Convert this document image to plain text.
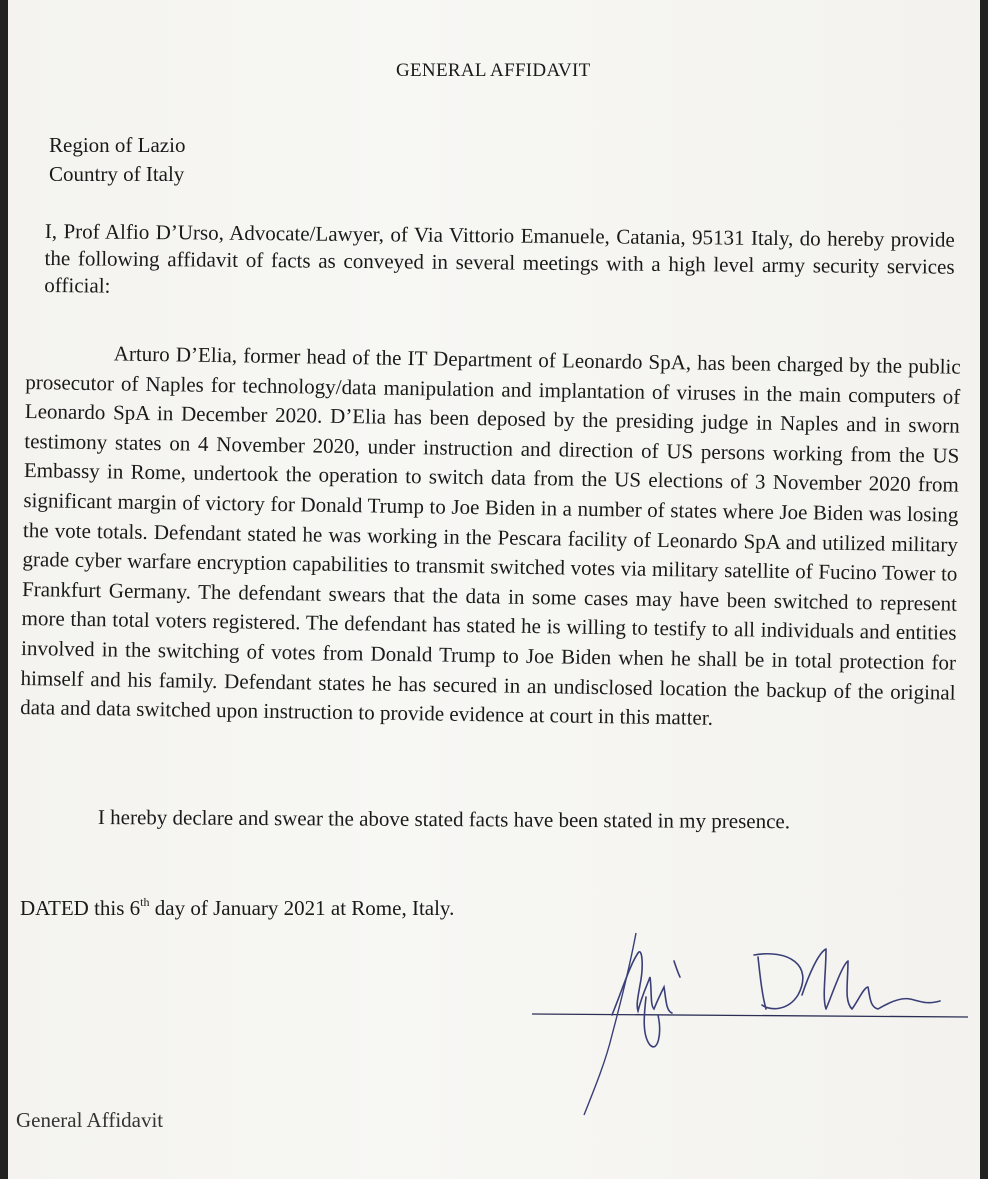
GENERAL AFFIDAVIT
Region of Lazio
Country of Italy

I, Prof Alfio D’Urso, Advocate/Lawyer, of Via Vittorio Emanuele, Catania, 95131 Italy, do hereby provide the following affidavit of facts as conveyed in several meetings with a high level army security services official:

Arturo D’Elia, former head of the IT Department of Leonardo SpA, has been charged by the public prosecutor of Naples for technology/data manipulation and implantation of viruses in the main computers of Leonardo SpA in December 2020. D’Elia has been deposed by the presiding judge in Naples and in sworn testimony states on 4 November 2020, under instruction and direction of US persons working from the US Embassy in Rome, undertook the operation to switch data from the US elections of 3 November 2020 from significant margin of victory for Donald Trump to Joe Biden in a number of states where Joe Biden was losing the vote totals. Defendant stated he was working in the Pescara facility of Leonardo SpA and utilized military grade cyber warfare encryption capabilities to transmit switched votes via military satellite of Fucino Tower to Frankfurt Germany. The defendant swears that the data in some cases may have been switched to represent more than total voters registered. The defendant has stated he is willing to testify to all individuals and entities involved in the switching of votes from Donald Trump to Joe Biden when he shall be in total protection for himself and his family. Defendant states he has secured in an undisclosed location the backup of the original data and data switched upon instruction to provide evidence at court in this matter.

I hereby declare and swear the above stated facts have been stated in my presence.
DATED this 6th day of January 2021 at Rome, Italy.
General Affidavit
